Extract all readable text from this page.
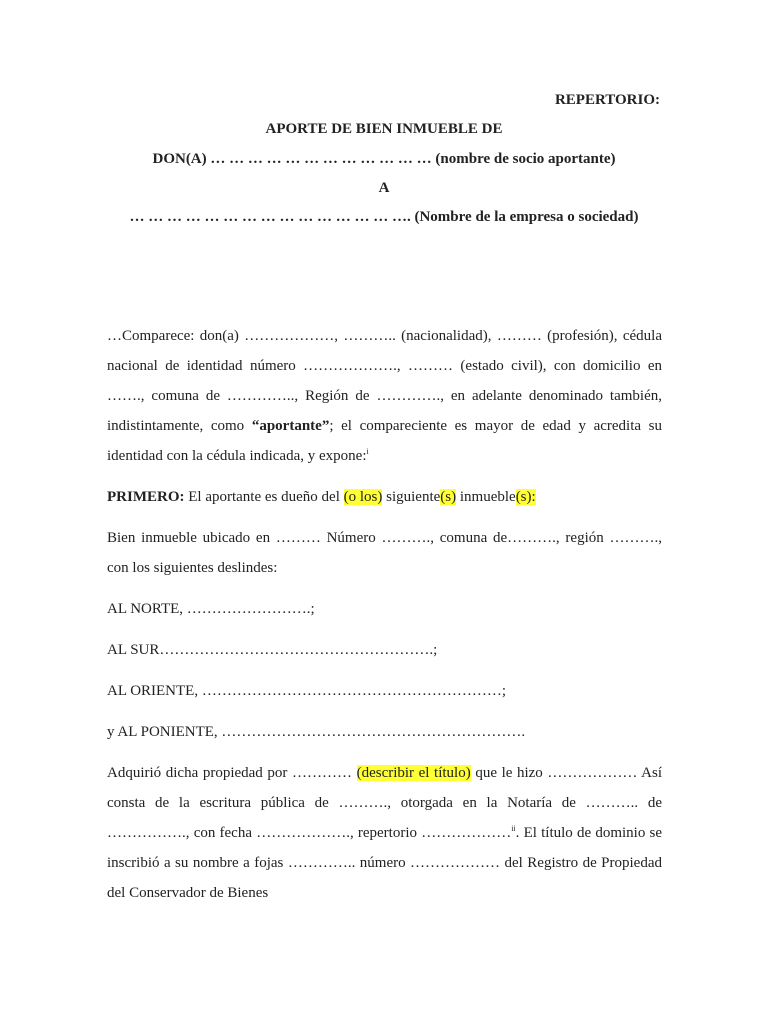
REPERTORIO:
APORTE DE BIEN INMUEBLE DE
DON(A) … … … … … … … … … … … … (nombre de socio aportante)
A
… … … … … … … … … … … … … … …. (Nombre de la empresa o sociedad)

…Comparece: don(a) ………………, ……….. (nacionalidad), ……… (profesión), cédula nacional de identidad número ………………., ……… (estado civil), con domicilio en ……., comuna de ………….., Región de …………., en adelante denominado también, indistintamente, como “aportante”; el compareciente es mayor de edad y acredita su identidad con la cédula indicada, y expone:$^i$

PRIMERO: El aportante es dueño del (o los) siguiente(s) inmueble(s):

Bien inmueble ubicado en ……… Número ………., comuna de………., región ………., con los siguientes deslindes:

AL NORTE, …………………….;

AL SUR……………………………………………….;

AL ORIENTE, ……………………………………………………;

y AL PONIENTE, …………………………………………………….

Adquirió dicha propiedad por ………… (describir el título) que le hizo ……………… Así consta de la escritura pública de ………., otorgada en la Notaría de ……….. de ……………., con fecha ………………., repertorio ………………$^{ii}$. El título de dominio se inscribió a su nombre a fojas ………….. número ……………… del Registro de Propiedad del Conservador de Bienes
